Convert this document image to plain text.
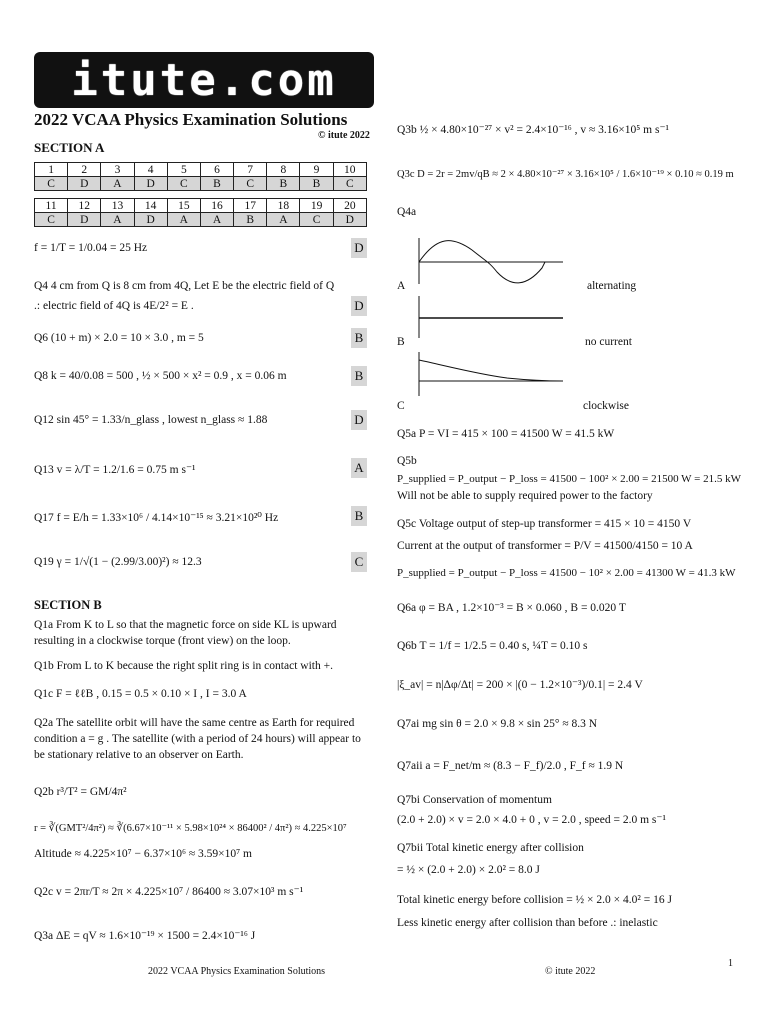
itute.com
2022 VCAA Physics Examination Solutions
© itute 2022
SECTION A
1	2	3	4	5	6	7	8	9	10
C	D	A	D	C	B	C	B	B	C
11	12	13	14	15	16	17	18	19	20
C	D	A	D	A	A	B	A	C	D
f = 1/T = 1/0.04 = 25 Hz	D
Q4 4 cm from Q is 8 cm from 4Q, Let E be the electric field of Q
.: electric field of 4Q is 4E/2² = E .	D
Q6 (10 + m) × 2.0 = 10 × 3.0 , m = 5	B
Q8 k = 40/0.08 = 500 , ½ × 500 × x² = 0.9 , x = 0.06 m	B
Q12 sin 45° = 1.33/n_glass , lowest n_glass ≈ 1.88	D
Q13 v = λ/T = 1.2/1.6 = 0.75 m s⁻¹	A
Q17 f = E/h = 1.33×10⁶ / 4.14×10⁻¹⁵ ≈ 3.21×10²⁰ Hz	B
Q19 γ = 1/√(1 − (2.99/3.00)²) ≈ 12.3	C
SECTION B
Q1a From K to L so that the magnetic force on side KL is upward resulting in a clockwise torque (front view) on the loop.
Q1b From L to K because the right split ring is in contact with +.
Q1c F = ℓℓB , 0.15 = 0.5 × 0.10 × I , I = 3.0 A
Q2a The satellite orbit will have the same centre as Earth for required condition a = g . The satellite (with a period of 24 hours) will appear to be stationary relative to an observer on Earth.
Q2b r³/T² = GM/4π²
r = ∛(GMT²/4π²) ≈ ∛(6.67×10⁻¹¹ × 5.98×10²⁴ × 86400² / 4π²) ≈ 4.225×10⁷
Altitude ≈ 4.225×10⁷ − 6.37×10⁶ ≈ 3.59×10⁷ m
Q2c v = 2πr/T ≈ 2π × 4.225×10⁷ / 86400 ≈ 3.07×10³ m s⁻¹
Q3a ΔE = qV ≈ 1.6×10⁻¹⁹ × 1500 = 2.4×10⁻¹⁶ J
Q3b ½ × 4.80×10⁻²⁷ × v² = 2.4×10⁻¹⁶ , v ≈ 3.16×10⁵ m s⁻¹
Q3c D = 2r = 2mv/qB ≈ 2 × 4.80×10⁻²⁷ × 3.16×10⁵ / 1.6×10⁻¹⁹ × 0.10 ≈ 0.19 m
Q4a
A	alternating
B	no current
C	clockwise
Q5a P = VI = 415 × 100 = 41500 W = 41.5 kW
Q5b
P_supplied = P_output − P_loss = 41500 − 100² × 2.00 = 21500 W = 21.5 kW
Will not be able to supply required power to the factory
Q5c Voltage output of step-up transformer = 415 × 10 = 4150 V
Current at the output of transformer = P/V = 41500/4150 = 10 A
P_supplied = P_output − P_loss = 41500 − 10² × 2.00 = 41300 W = 41.3 kW
Q6a φ = BA , 1.2×10⁻³ = B × 0.060 , B = 0.020 T
Q6b T = 1/f = 1/2.5 = 0.40 s, ¼T = 0.10 s
|ξ_av| = n|Δφ/Δt| = 200 × |(0 − 1.2×10⁻³)/0.1| = 2.4 V
Q7ai mg sin θ = 2.0 × 9.8 × sin 25° ≈ 8.3 N
Q7aii a = F_net/m ≈ (8.3 − F_f)/2.0 , F_f ≈ 1.9 N
Q7bi Conservation of momentum
(2.0 + 2.0) × v = 2.0 × 4.0 + 0 , v = 2.0 , speed = 2.0 m s⁻¹
Q7bii Total kinetic energy after collision
= ½ × (2.0 + 2.0) × 2.0² = 8.0 J
Total kinetic energy before collision = ½ × 2.0 × 4.0² = 16 J
Less kinetic energy after collision than before .: inelastic
1
2022 VCAA Physics Examination Solutions	© itute 2022
